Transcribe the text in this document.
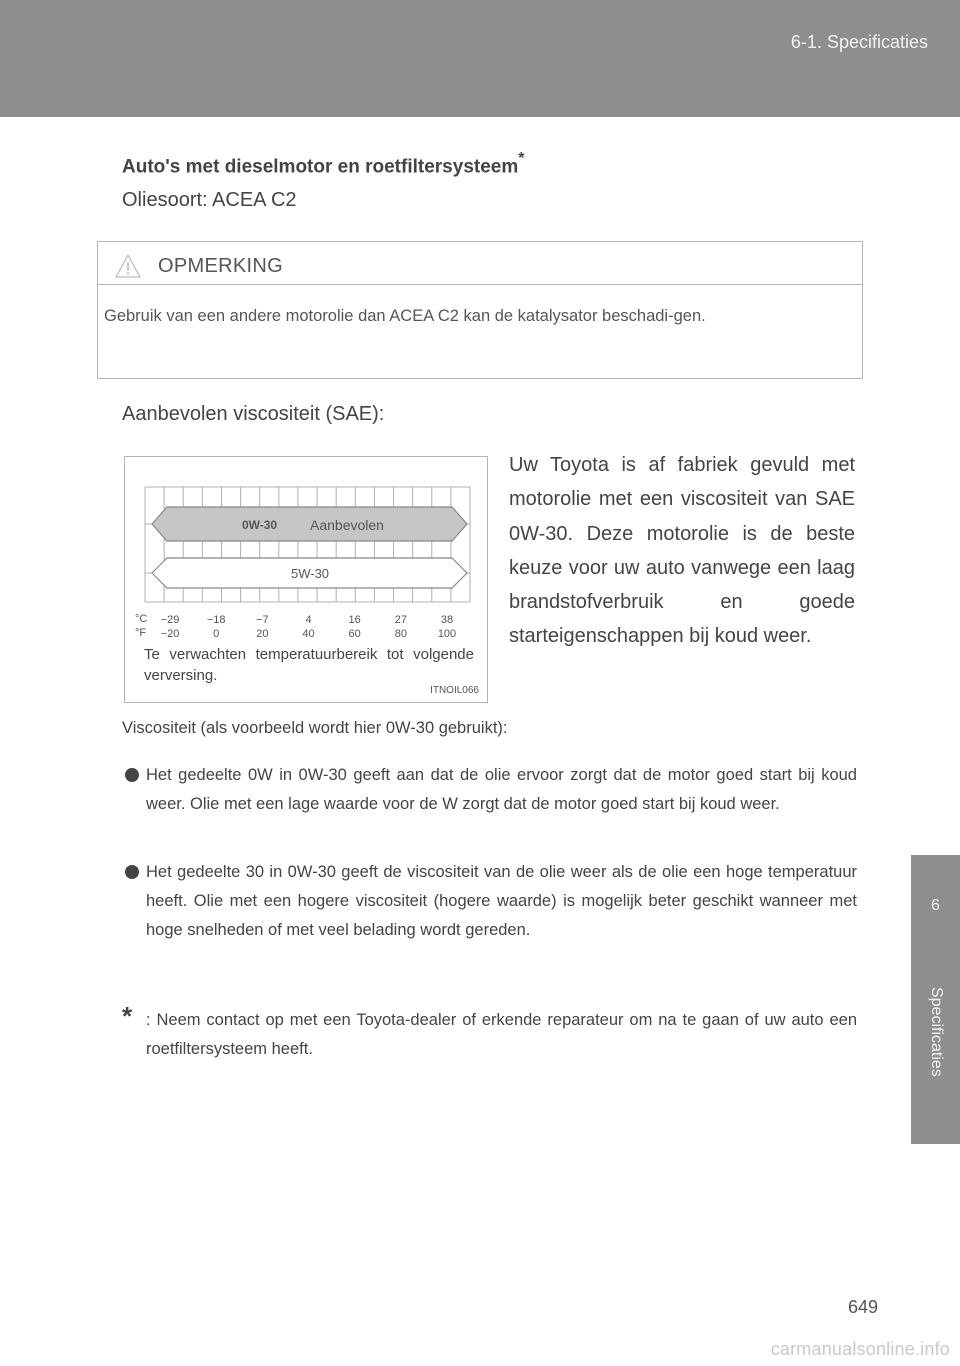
6-1. Specificaties
6
Specificaties
Auto's met dieselmotor en roetfiltersysteem*
Oliesoort: ACEA C2
OPMERKING
Gebruik van een andere motorolie dan ACEA C2 kan de katalysator beschadi-gen.
Aanbevolen viscositeit (SAE):
0W-30 Aanbevolen
5W-30
°C
°F
−29
−20
−18
0
−7
20
4
40
16
60
27
80
38
100
Te verwachten temperatuurbereik tot volgende verversing.
ITNOIL066
Uw Toyota is af fabriek gevuld met motorolie met een viscositeit van SAE 0W-30. Deze motorolie is de beste keuze voor uw auto vanwege een laag brandstofverbruik en goede starteigenschappen bij koud weer.
Viscositeit (als voorbeeld wordt hier 0W-30 gebruikt):
Het gedeelte 0W in 0W-30 geeft aan dat de olie ervoor zorgt dat de motor goed start bij koud weer. Olie met een lage waarde voor de W zorgt dat de motor goed start bij koud weer.
Het gedeelte 30 in 0W-30 geeft de viscositeit van de olie weer als de olie een hoge temperatuur heeft. Olie met een hogere viscositeit (hogere waarde) is mogelijk beter geschikt wanneer met hoge snelheden of met veel belading wordt gereden.
* : Neem contact op met een Toyota-dealer of erkende reparateur om na te gaan of uw auto een roetfiltersysteem heeft.
649
carmanualsonline.info
